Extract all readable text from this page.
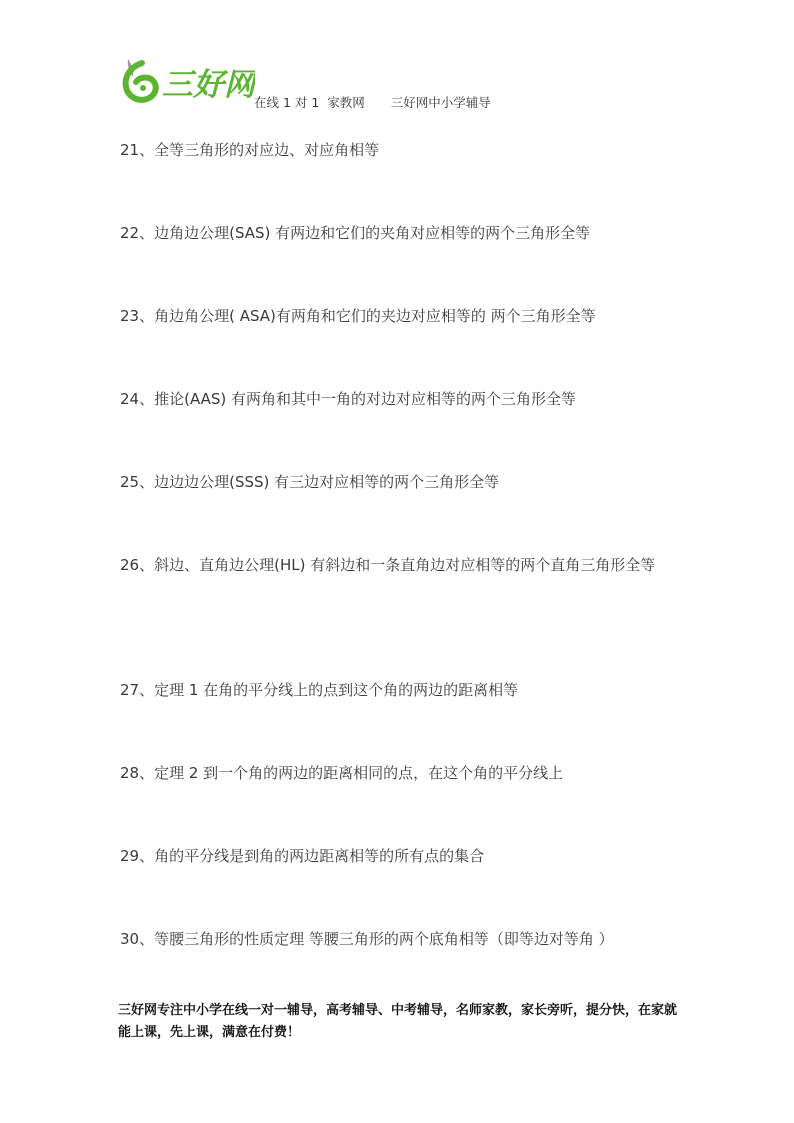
三好网 在线 1 对 1  家教网 三好网中小学辅导
21、全等三角形的对应边、对应角相等
22、边角边公理(SAS) 有两边和它们的夹角对应相等的两个三角形全等
23、角边角公理( ASA)有两角和它们的夹边对应相等的 两个三角形全等
24、推论(AAS) 有两角和其中一角的对边对应相等的两个三角形全等
25、边边边公理(SSS) 有三边对应相等的两个三角形全等
26、斜边、直角边公理(HL) 有斜边和一条直角边对应相等的两个直角三角形全等
27、定理 1 在角的平分线上的点到这个角的两边的距离相等
28、定理 2 到一个角的两边的距离相同的点，在这个角的平分线上
29、角的平分线是到角的两边距离相等的所有点的集合
30、等腰三角形的性质定理 等腰三角形的两个底角相等（即等边对等角 ）
三好网专注中小学在线一对一辅导，高考辅导、中考辅导，名师家教，家长旁听，提分快，在家就能上课，先上课，满意在付费！
